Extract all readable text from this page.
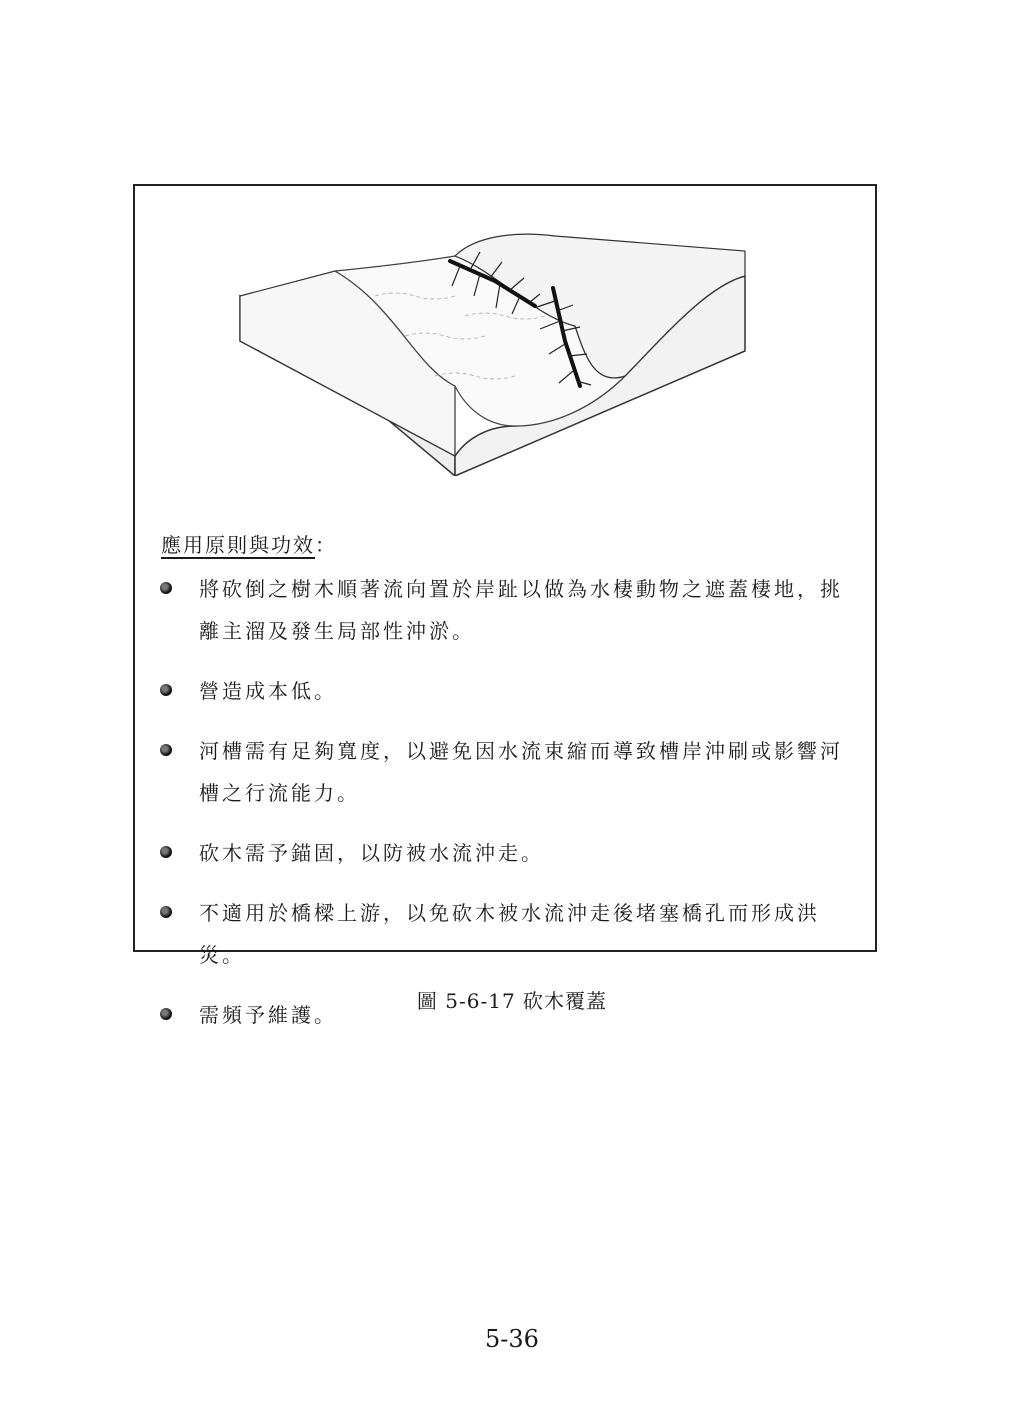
應用原則與功效：
將砍倒之樹木順著流向置於岸趾以做為水棲動物之遮蓋棲地，挑離主溜及發生局部性沖淤。
營造成本低。
河槽需有足夠寬度，以避免因水流束縮而導致槽岸沖刷或影響河槽之行流能力。
砍木需予錨固，以防被水流沖走。
不適用於橋樑上游，以免砍木被水流沖走後堵塞橋孔而形成洪災。
需頻予維護。
圖 5-6-17 砍木覆蓋
5-36
